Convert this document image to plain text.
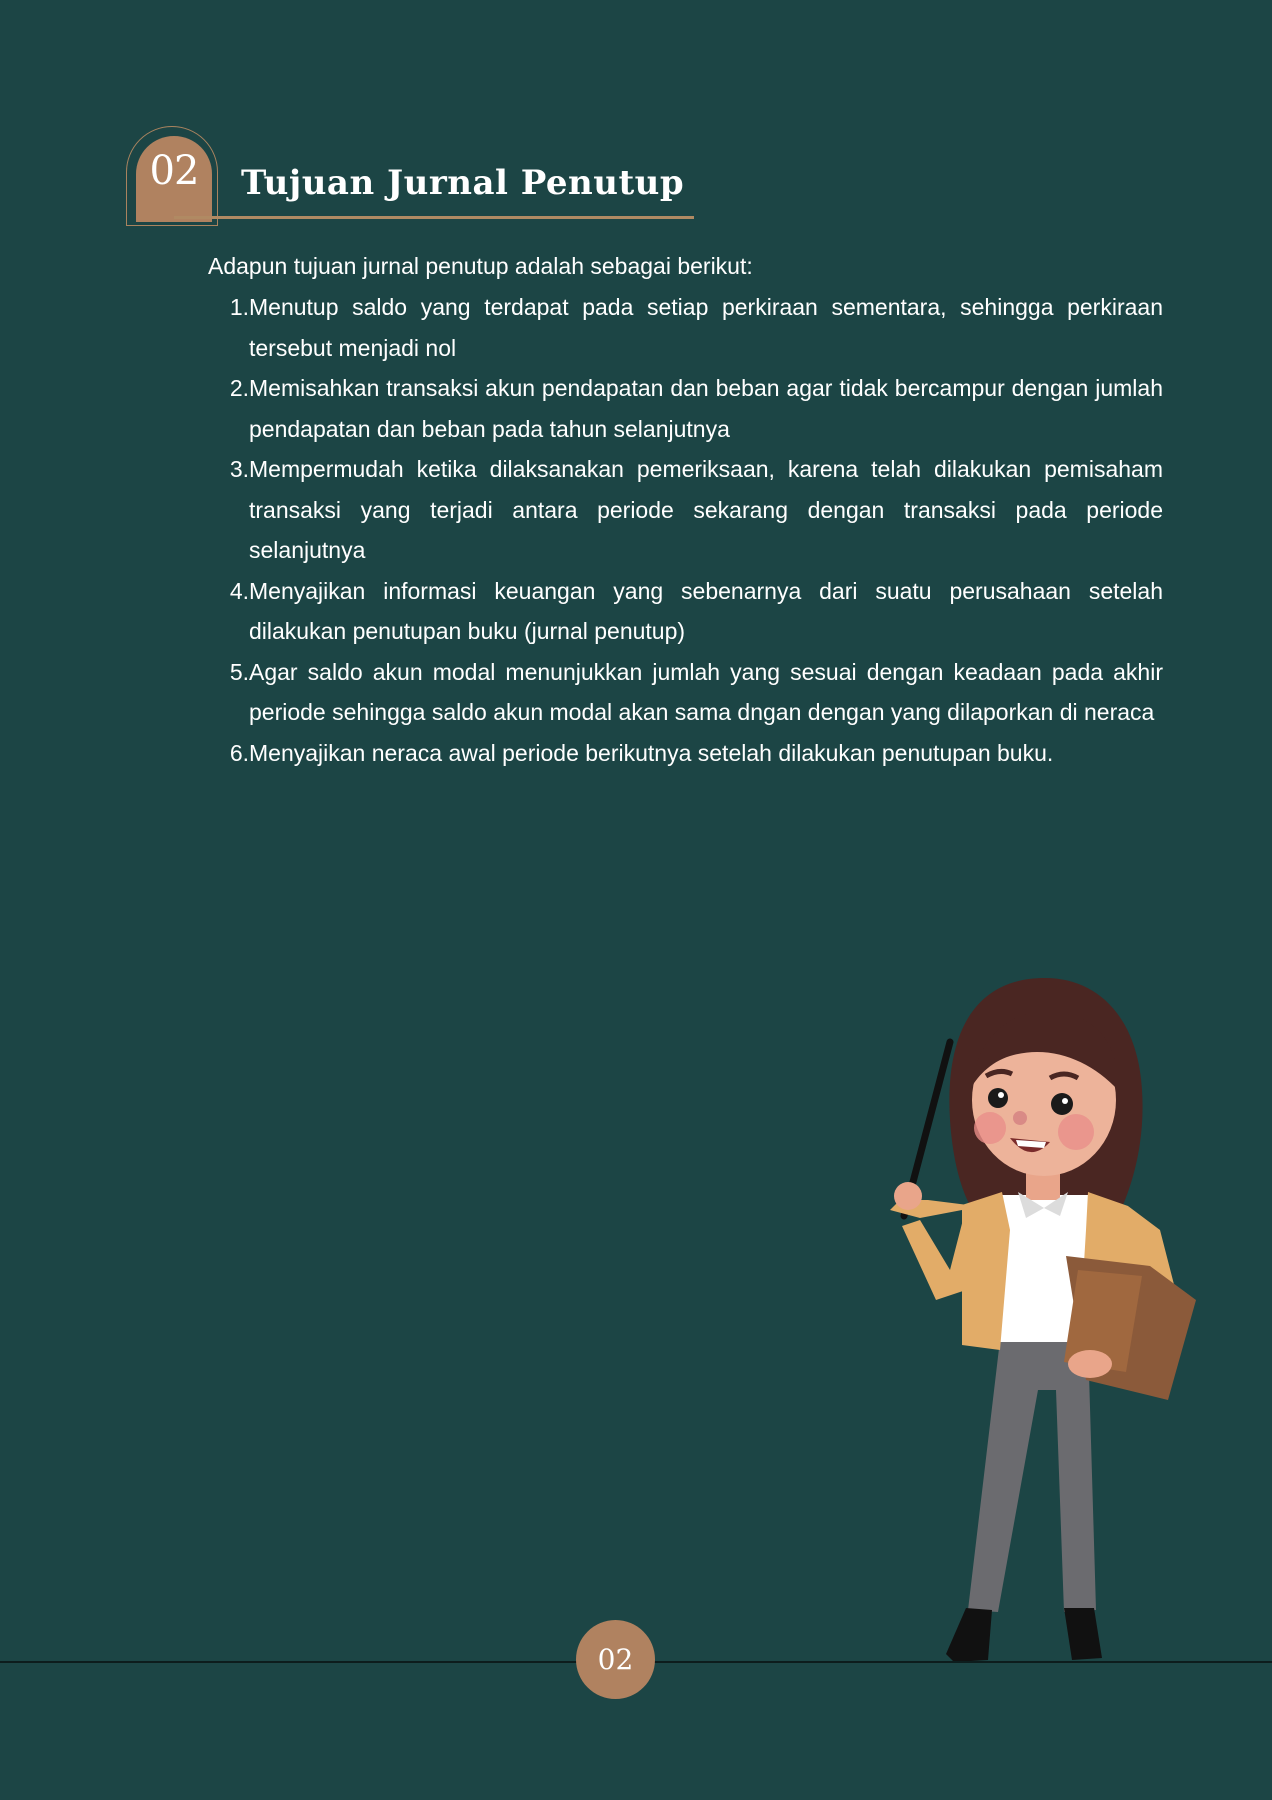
02	Tujuan Jurnal Penutup
Adapun tujuan jurnal penutup adalah sebagai berikut:
1. Menutup saldo yang terdapat pada setiap perkiraan sementara, sehingga perkiraan tersebut menjadi nol
2. Memisahkan transaksi akun pendapatan dan beban agar tidak bercampur dengan jumlah pendapatan dan beban pada tahun selanjutnya
3. Mempermudah ketika dilaksanakan pemeriksaan, karena telah dilakukan pemisaham transaksi yang terjadi antara periode sekarang dengan transaksi pada periode selanjutnya
4. Menyajikan informasi keuangan yang sebenarnya dari suatu perusahaan setelah dilakukan penutupan buku (jurnal penutup)
5. Agar saldo akun modal menunjukkan jumlah yang sesuai dengan keadaan pada akhir periode sehingga saldo akun modal akan sama dngan dengan yang dilaporkan di neraca
6. Menyajikan neraca awal periode berikutnya setelah dilakukan penutupan buku.
02
